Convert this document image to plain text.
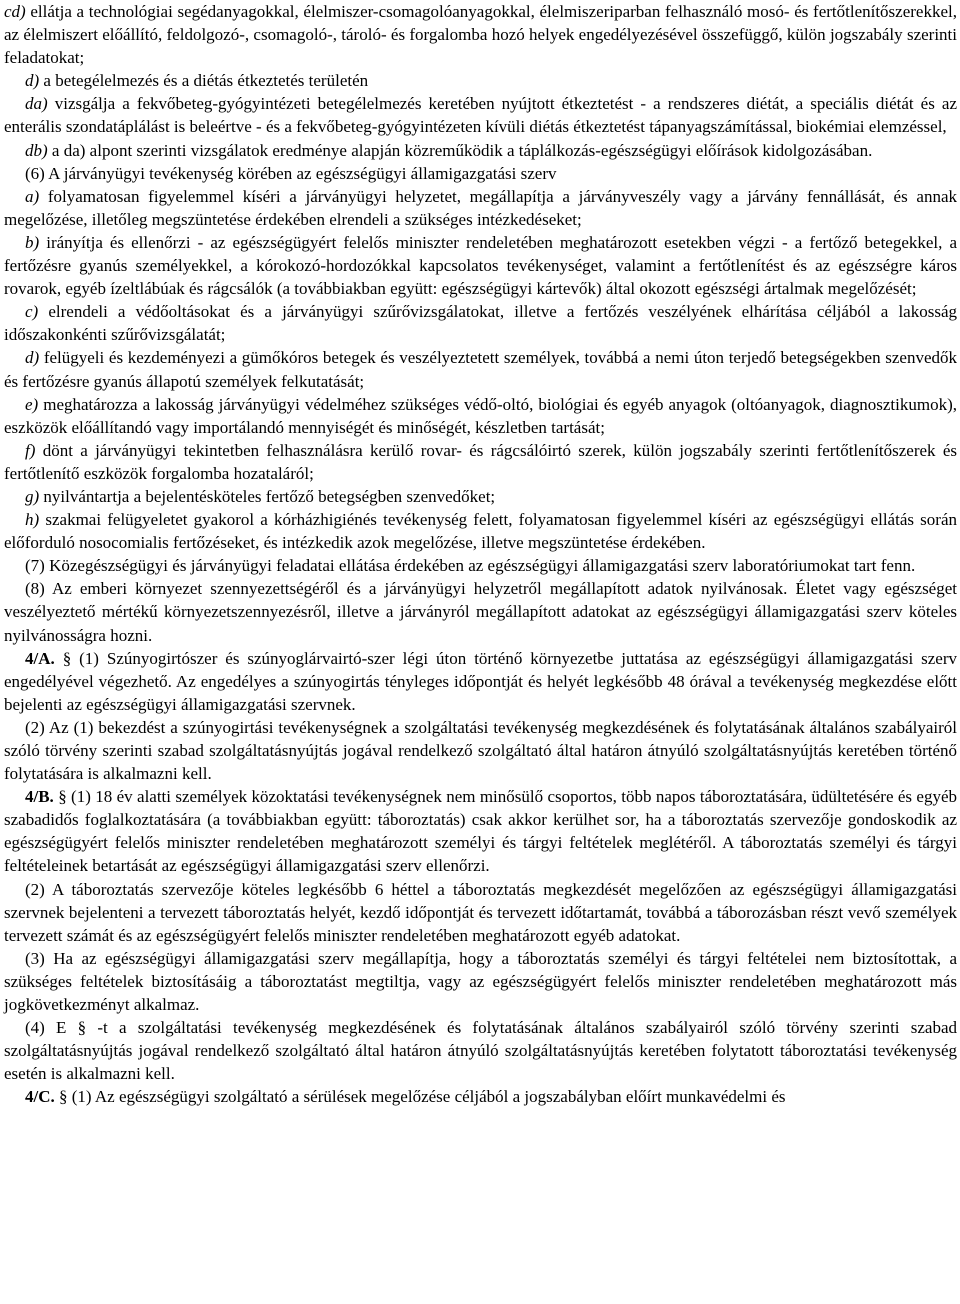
cd) ellátja a technológiai segédanyagokkal, élelmiszer-csomagolóanyagokkal, élelmiszeriparban felhasználó mosó- és fertőtlenítőszerekkel, az élelmiszert előállító, feldolgozó-, csomagoló-, tároló- és forgalomba hozó helyek engedélyezésével összefüggő, külön jogszabály szerinti feladatokat;

d) a betegélelmezés és a diétás étkeztetés területén

da) vizsgálja a fekvőbeteg-gyógyintézeti betegélelmezés keretében nyújtott étkeztetést - a rendszeres diétát, a speciális diétát és az enterális szondatáplálást is beleértve - és a fekvőbeteg-gyógyintézeten kívüli diétás étkeztetést tápanyagszámítással, biokémiai elemzéssel,

db) a da) alpont szerinti vizsgálatok eredménye alapján közreműködik a táplálkozás-egészségügyi előírások kidolgozásában.

(6) A járványügyi tevékenység körében az egészségügyi államigazgatási szerv

a) folyamatosan figyelemmel kíséri a járványügyi helyzetet, megállapítja a járványveszély vagy a járvány fennállását, és annak megelőzése, illetőleg megszüntetése érdekében elrendeli a szükséges intézkedéseket;

b) irányítja és ellenőrzi - az egészségügyért felelős miniszter rendeletében meghatározott esetekben végzi - a fertőző betegekkel, a fertőzésre gyanús személyekkel, a kórokozó-hordozókkal kapcsolatos tevékenységet, valamint a fertőtlenítést és az egészségre káros rovarok, egyéb ízeltlábúak és rágcsálók (a továbbiakban együtt: egészségügyi kártevők) által okozott egészségi ártalmak megelőzését;

c) elrendeli a védőoltásokat és a járványügyi szűrővizsgálatokat, illetve a fertőzés veszélyének elhárítása céljából a lakosság időszakonkénti szűrővizsgálatát;

d) felügyeli és kezdeményezi a gümőkóros betegek és veszélyeztetett személyek, továbbá a nemi úton terjedő betegségekben szenvedők és fertőzésre gyanús állapotú személyek felkutatását;

e) meghatározza a lakosság járványügyi védelméhez szükséges védő-oltó, biológiai és egyéb anyagok (oltóanyagok, diagnosztikumok), eszközök előállítandó vagy importálandó mennyiségét és minőségét, készletben tartását;

f) dönt a járványügyi tekintetben felhasználásra kerülő rovar- és rágcsálóirtó szerek, külön jogszabály szerinti fertőtlenítőszerek és fertőtlenítő eszközök forgalomba hozataláról;

g) nyilvántartja a bejelentésköteles fertőző betegségben szenvedőket;

h) szakmai felügyeletet gyakorol a kórházhigiénés tevékenység felett, folyamatosan figyelemmel kíséri az egészségügyi ellátás során előforduló nosocomialis fertőzéseket, és intézkedik azok megelőzése, illetve megszüntetése érdekében.

(7) Közegészségügyi és járványügyi feladatai ellátása érdekében az egészségügyi államigazgatási szerv laboratóriumokat tart fenn.

(8) Az emberi környezet szennyezettségéről és a járványügyi helyzetről megállapított adatok nyilvánosak. Életet vagy egészséget veszélyeztető mértékű környezetszennyezésről, illetve a járványról megállapított adatokat az egészségügyi államigazgatási szerv köteles nyilvánosságra hozni.

4/A. § (1) Szúnyogirtószer és szúnyoglárvairtó-szer légi úton történő környezetbe juttatása az egészségügyi államigazgatási szerv engedélyével végezhető. Az engedélyes a szúnyogirtás tényleges időpontját és helyét legkésőbb 48 órával a tevékenység megkezdése előtt bejelenti az egészségügyi államigazgatási szervnek.

(2) Az (1) bekezdést a szúnyogirtási tevékenységnek a szolgáltatási tevékenység megkezdésének és folytatásának általános szabályairól szóló törvény szerinti szabad szolgáltatásnyújtás jogával rendelkező szolgáltató által határon átnyúló szolgáltatásnyújtás keretében történő folytatására is alkalmazni kell.

4/B. § (1) 18 év alatti személyek közoktatási tevékenységnek nem minősülő csoportos, több napos táboroztatására, üdültetésére és egyéb szabadidős foglalkoztatására (a továbbiakban együtt: táboroztatás) csak akkor kerülhet sor, ha a táboroztatás szervezője gondoskodik az egészségügyért felelős miniszter rendeletében meghatározott személyi és tárgyi feltételek meglétéről. A táboroztatás személyi és tárgyi feltételeinek betartását az egészségügyi államigazgatási szerv ellenőrzi.

(2) A táboroztatás szervezője köteles legkésőbb 6 héttel a táboroztatás megkezdését megelőzően az egészségügyi államigazgatási szervnek bejelenteni a tervezett táboroztatás helyét, kezdő időpontját és tervezett időtartamát, továbbá a táborozásban részt vevő személyek tervezett számát és az egészségügyért felelős miniszter rendeletében meghatározott egyéb adatokat.

(3) Ha az egészségügyi államigazgatási szerv megállapítja, hogy a táboroztatás személyi és tárgyi feltételei nem biztosítottak, a szükséges feltételek biztosításáig a táboroztatást megtiltja, vagy az egészségügyért felelős miniszter rendeletében meghatározott más jogkövetkezményt alkalmaz.

(4) E § -t a szolgáltatási tevékenység megkezdésének és folytatásának általános szabályairól szóló törvény szerinti szabad szolgáltatásnyújtás jogával rendelkező szolgáltató által határon átnyúló szolgáltatásnyújtás keretében folytatott táboroztatási tevékenység esetén is alkalmazni kell.

4/C. § (1) Az egészségügyi szolgáltató a sérülések megelőzése céljából a jogszabályban előírt munkavédelmi és
